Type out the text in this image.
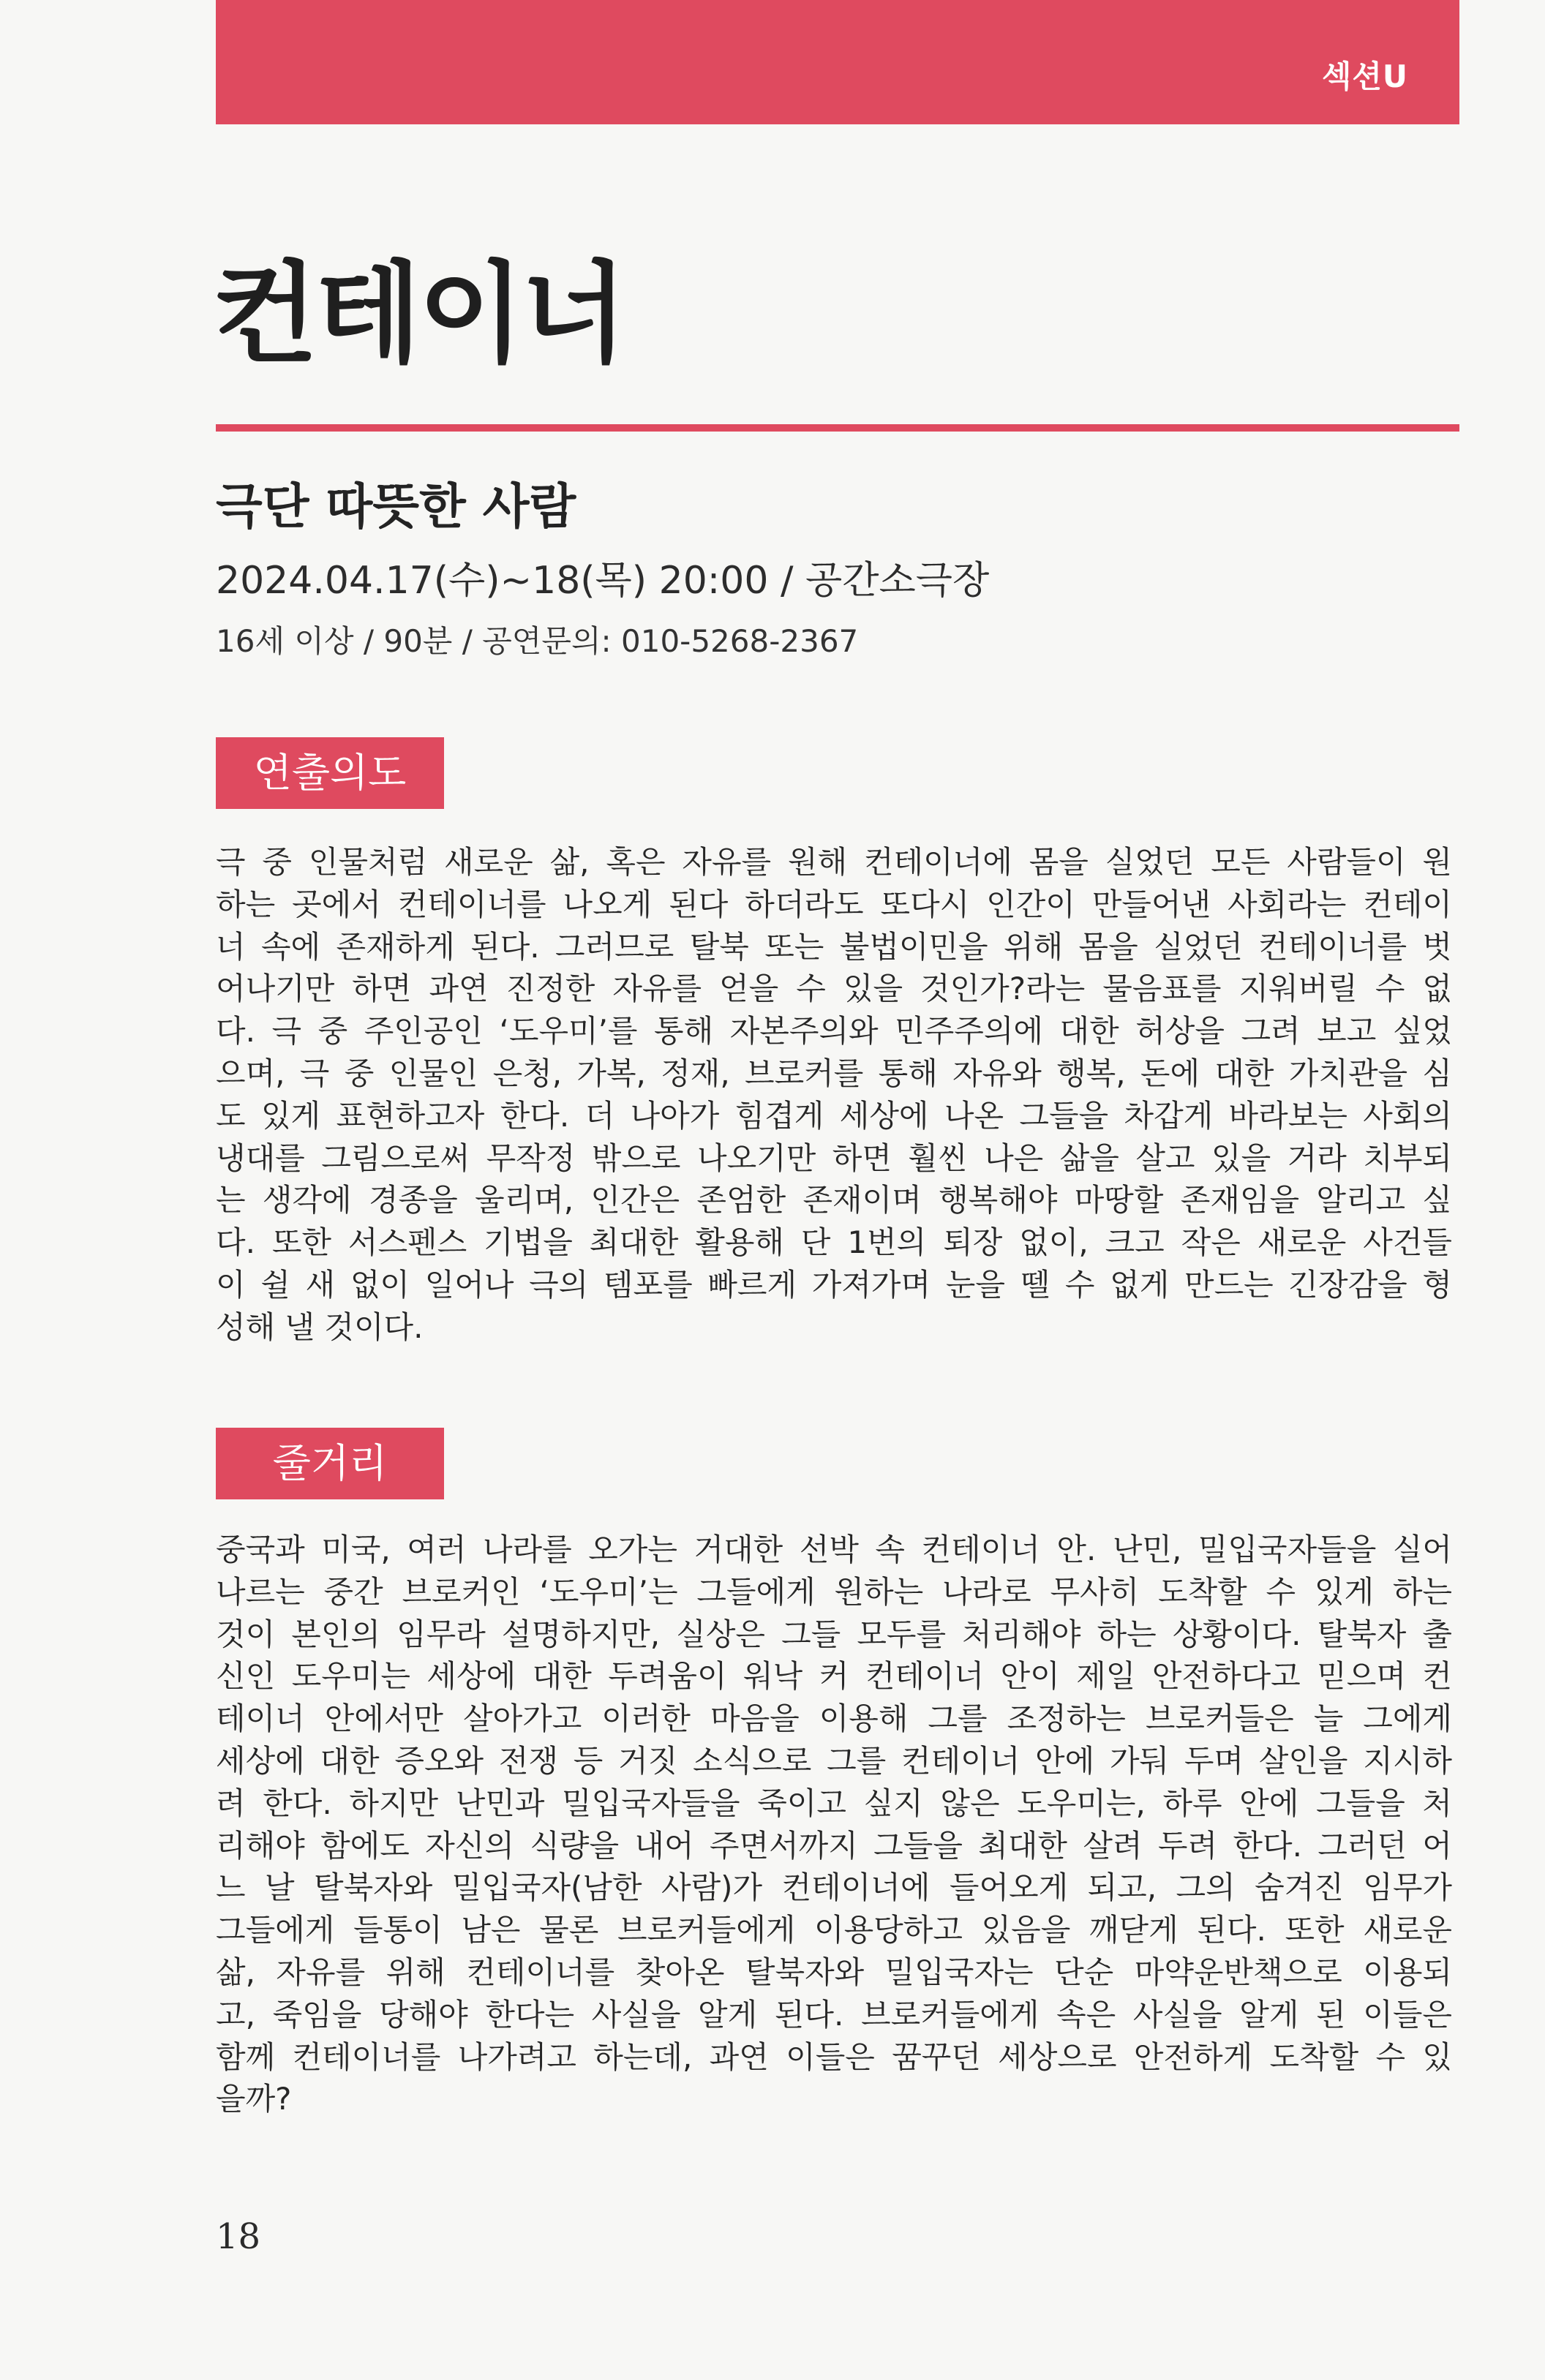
섹션U
컨테이너
극단 따뜻한 사람
2024.04.17(수)~18(목) 20:00 / 공간소극장
16세 이상 / 90분 / 공연문의: 010-5268-2367
연출의도
극 중 인물처럼 새로운 삶, 혹은 자유를 원해 컨테이너에 몸을 실었던 모든 사람들이 원
하는 곳에서 컨테이너를 나오게 된다 하더라도 또다시 인간이 만들어낸 사회라는 컨테이
너 속에 존재하게 된다. 그러므로 탈북 또는 불법이민을 위해 몸을 실었던 컨테이너를 벗
어나기만 하면 과연 진정한 자유를 얻을 수 있을 것인가?라는 물음표를 지워버릴 수 없
다. 극 중 주인공인 ‘도우미’를 통해 자본주의와 민주주의에 대한 허상을 그려 보고 싶었
으며, 극 중 인물인 은청, 가복, 정재, 브로커를 통해 자유와 행복, 돈에 대한 가치관을 심
도 있게 표현하고자 한다. 더 나아가 힘겹게 세상에 나온 그들을 차갑게 바라보는 사회의
냉대를 그림으로써 무작정 밖으로 나오기만 하면 훨씬 나은 삶을 살고 있을 거라 치부되
는 생각에 경종을 울리며, 인간은 존엄한 존재이며 행복해야 마땅할 존재임을 알리고 싶
다. 또한 서스펜스 기법을 최대한 활용해 단 1번의 퇴장 없이, 크고 작은 새로운 사건들
이 쉴 새 없이 일어나 극의 템포를 빠르게 가져가며 눈을 뗄 수 없게 만드는 긴장감을 형
성해 낼 것이다.
줄거리
중국과 미국, 여러 나라를 오가는 거대한 선박 속 컨테이너 안. 난민, 밀입국자들을 실어
나르는 중간 브로커인 ‘도우미’는 그들에게 원하는 나라로 무사히 도착할 수 있게 하는
것이 본인의 임무라 설명하지만, 실상은 그들 모두를 처리해야 하는 상황이다. 탈북자 출
신인 도우미는 세상에 대한 두려움이 워낙 커 컨테이너 안이 제일 안전하다고 믿으며 컨
테이너 안에서만 살아가고 이러한 마음을 이용해 그를 조정하는 브로커들은 늘 그에게
세상에 대한 증오와 전쟁 등 거짓 소식으로 그를 컨테이너 안에 가둬 두며 살인을 지시하
려 한다. 하지만 난민과 밀입국자들을 죽이고 싶지 않은 도우미는, 하루 안에 그들을 처
리해야 함에도 자신의 식량을 내어 주면서까지 그들을 최대한 살려 두려 한다. 그러던 어
느 날 탈북자와 밀입국자(남한 사람)가 컨테이너에 들어오게 되고, 그의 숨겨진 임무가
그들에게 들통이 남은 물론 브로커들에게 이용당하고 있음을 깨닫게 된다. 또한 새로운
삶, 자유를 위해 컨테이너를 찾아온 탈북자와 밀입국자는 단순 마약운반책으로 이용되
고, 죽임을 당해야 한다는 사실을 알게 된다. 브로커들에게 속은 사실을 알게 된 이들은
함께 컨테이너를 나가려고 하는데, 과연 이들은 꿈꾸던 세상으로 안전하게 도착할 수 있
을까?
18
